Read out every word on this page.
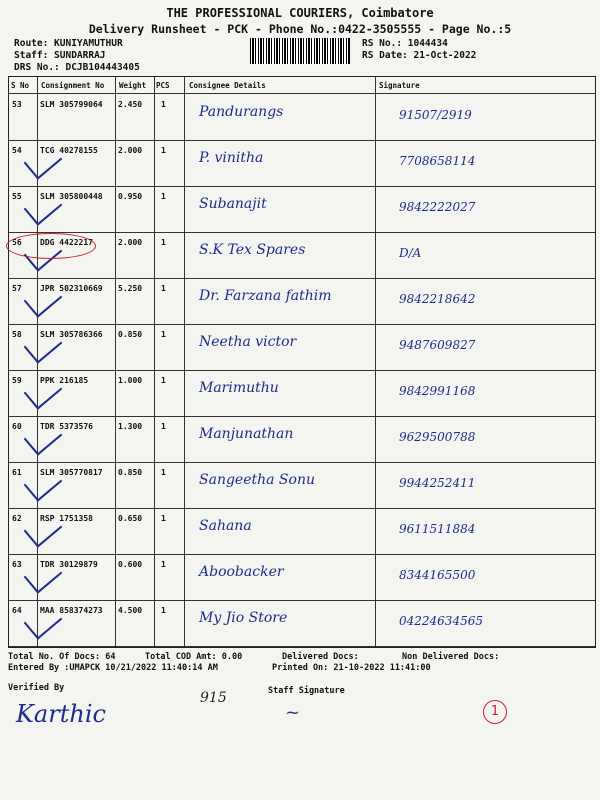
THE PROFESSIONAL COURIERS, Coimbatore
Delivery Runsheet - PCK - Phone No.:0422-3505555 - Page No.:5
Route: KUNIYAMUTHUR
Staff: SUNDARRAJ
DRS No.: DCJB104443405
RS No.: 1044434
RS Date: 21-Oct-2022
S No Consignment No Weight PCS	Consignee Details	Signature
53 SLM 305799064 2.450 1 Pandurangs	91507/2919
54 TCG 40278155	2.000 1 P. vinitha	7708658114
55 SLM 305800448 0.950 1 Subanajit	9842222027
56 DDG 4422217	2.000 1 S.K Tex Spares	D/A
57 JPR 502310669 5.250 1 Dr. Farzana fathim	9842218642
58 SLM 305786366 0.850 1 Neetha victor	9487609827
59 PPK 216185	1.000 1 Marimuthu	9842991168
60 TDR 5373576	1.300 1 Manjunathan	9629500788
61 SLM 305770817 0.850 1 Sangeetha Sonu	9944252411
62 RSP 1751358	0.650 1 Sahana	9611511884
63 TDR 30129879	0.600 1 Aboobacker	8344165500
64 MAA 858374273 4.500 1 My Jio Store	04224634565
Total No. Of Docs: 64	Total COD Amt: 0.00	Delivered Docs:	Non Delivered Docs:
Entered By :UMAPCK 10/21/2022 11:40:14 AM	Printed On: 21-10-2022 11:41:00
Verified By	Staff Signature
Karthic
915
~	1
